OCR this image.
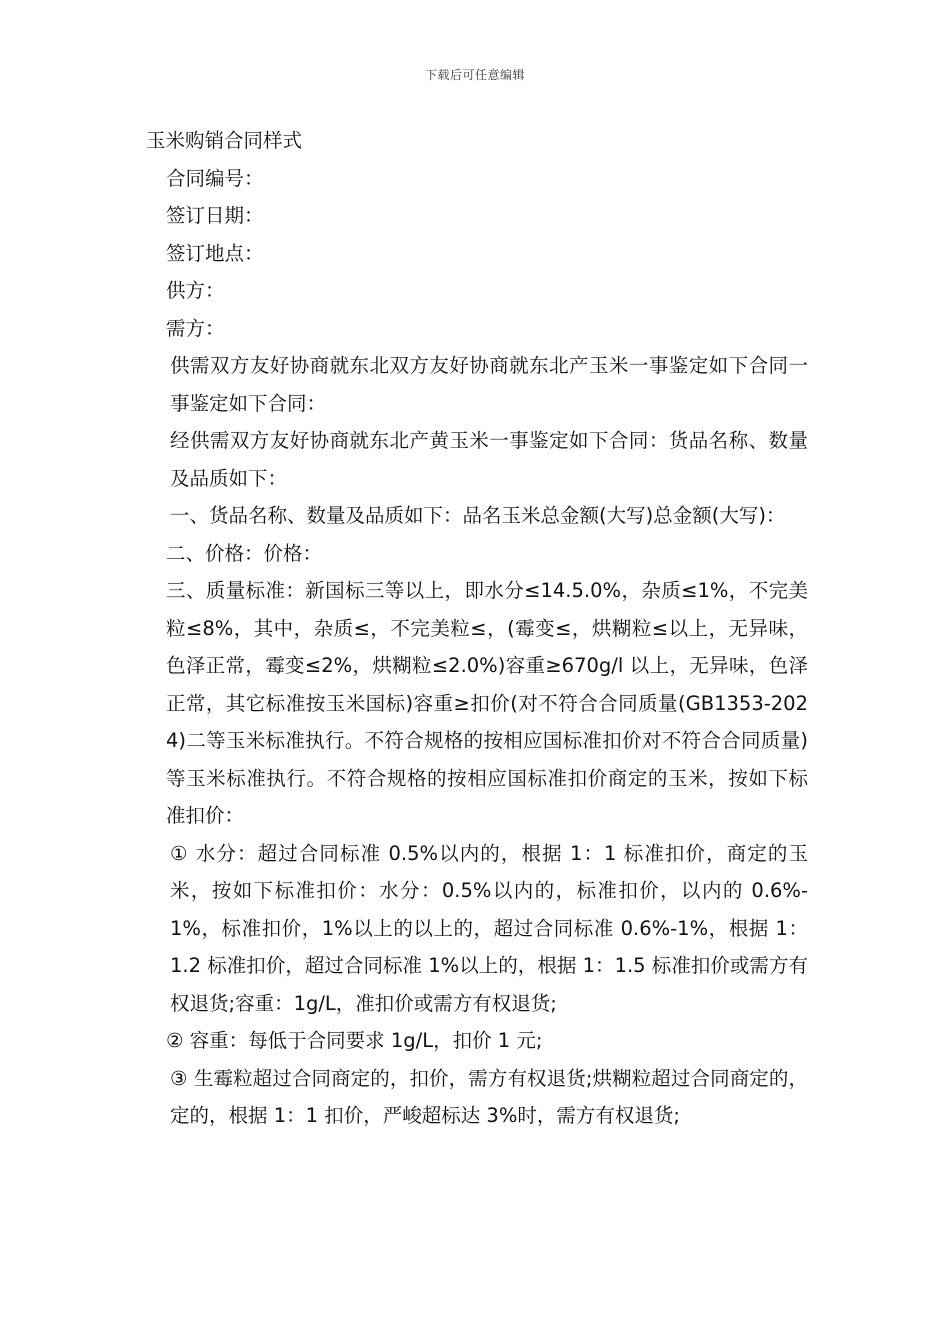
下载后可任意编辑

玉米购销合同样式

合同编号：

签订日期：

签订地点：

供方：

需方：

供需双方友好协商就东北双方友好协商就东北产玉米一事鉴定如下合同一事鉴定如下合同：

经供需双方友好协商就东北产黄玉米一事鉴定如下合同：货品名称、数量及品质如下：

一、货品名称、数量及品质如下：品名玉米总金额(大写)总金额(大写)：

二、价格：价格：

三、质量标准：新国标三等以上，即水分≤14.5.0%，杂质≤1%，不完美粒≤8%，其中，杂质≤，不完美粒≤，(霉变≤，烘糊粒≤以上，无异味，色泽正常，霉变≤2%，烘糊粒≤2.0%)容重≥670g/l 以上，无异味，色泽正常，其它标准按玉米国标)容重≥扣价(对不符合合同质量(GB1353-2024)二等玉米标准执行。不符合规格的按相应国标准扣价对不符合合同质量)等玉米标准执行。不符合规格的按相应国标准扣价商定的玉米，按如下标准扣价：

① 水分：超过合同标准 0.5%以内的，根据 1：1 标准扣价，商定的玉米，按如下标准扣价：水分：0.5%以内的，标准扣价，以内的 0.6%-1%，标准扣价，1%以上的以上的，超过合同标准 0.6%-1%，根据 1：1.2 标准扣价，超过合同标准 1%以上的，根据 1：1.5 标准扣价或需方有权退货;容重：1g/L，准扣价或需方有权退货;

② 容重：每低于合同要求 1g/L，扣价 1 元;

③ 生霉粒超过合同商定的，扣价，需方有权退货;烘糊粒超过合同商定的，定的，根据 1：1 扣价，严峻超标达 3%时，需方有权退货;
